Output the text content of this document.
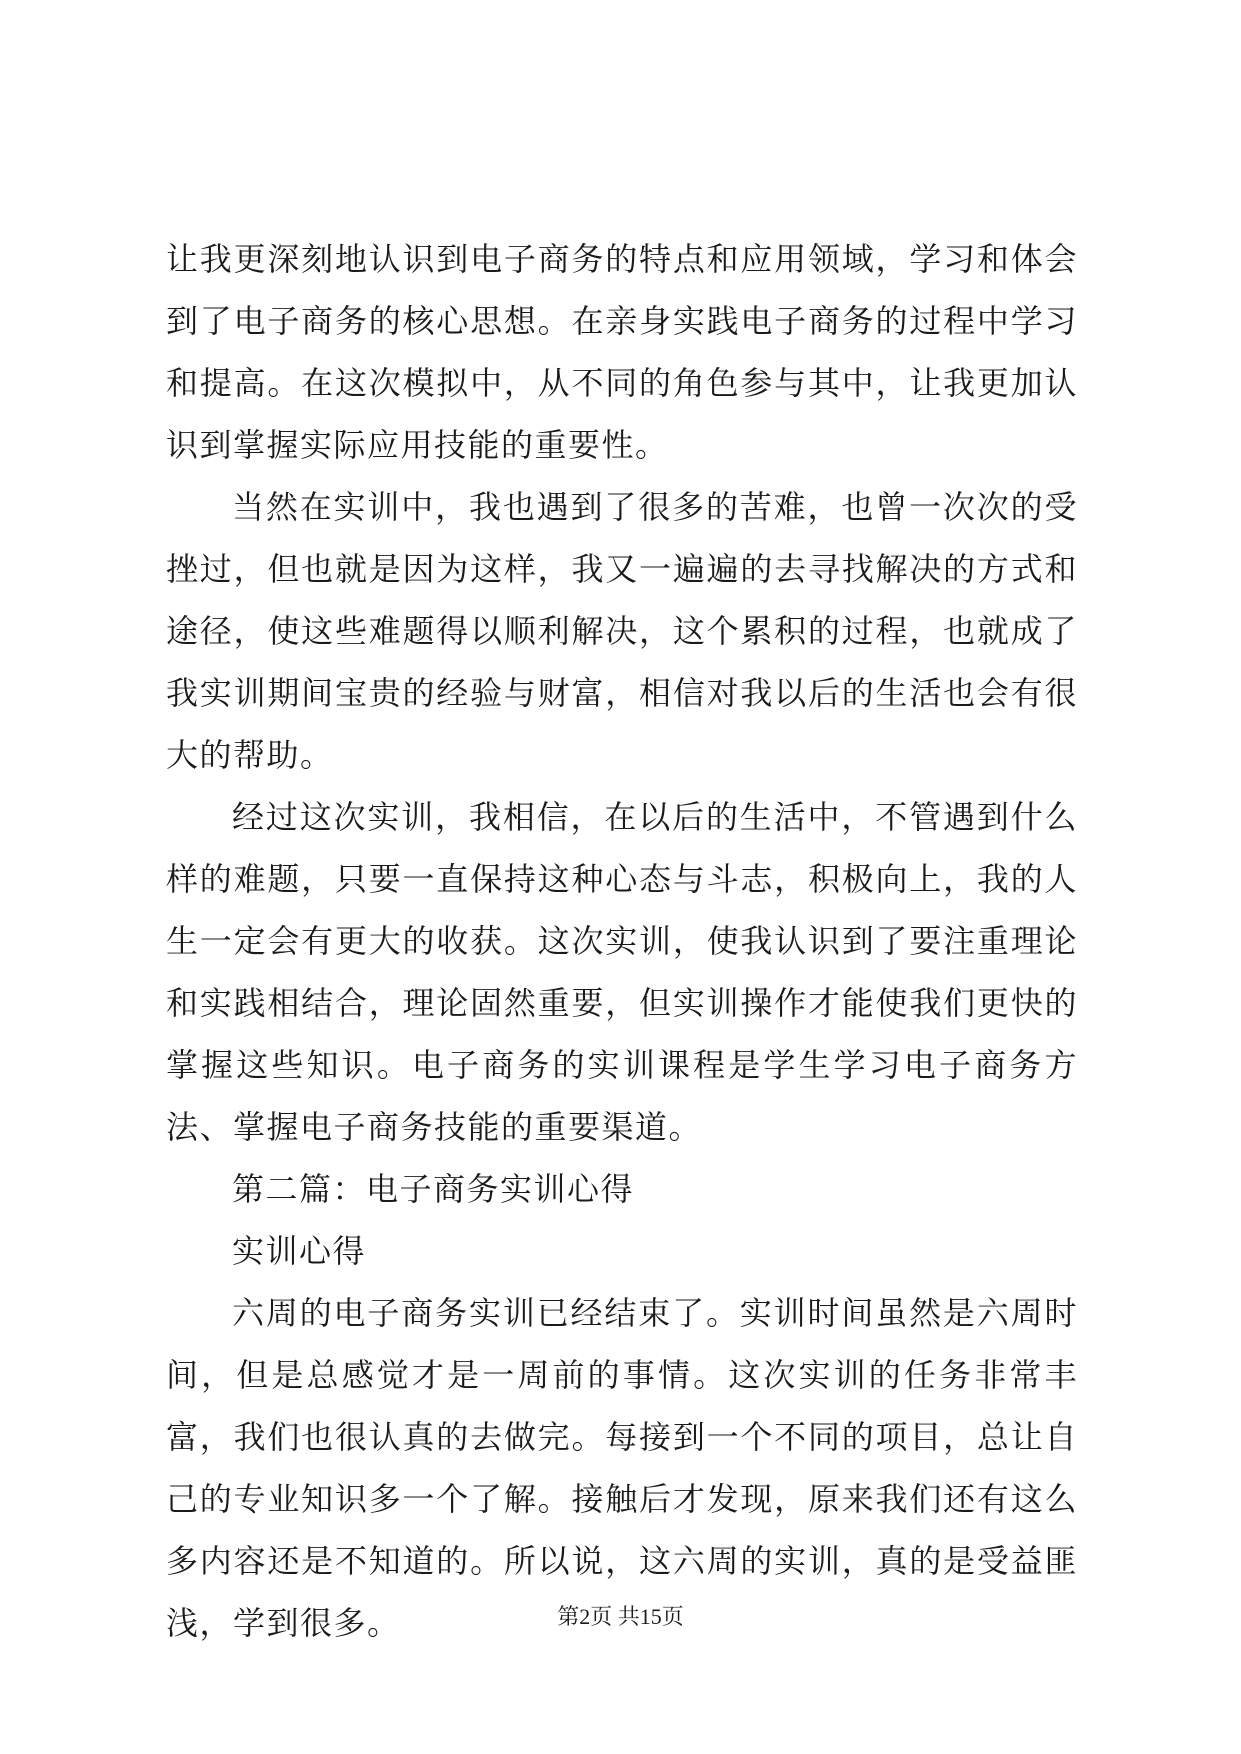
让我更深刻地认识到电子商务的特点和应用领域，学习和体会到了电子商务的核心思想。在亲身实践电子商务的过程中学习和提高。在这次模拟中，从不同的角色参与其中，让我更加认识到掌握实际应用技能的重要性。

当然在实训中，我也遇到了很多的苦难，也曾一次次的受挫过，但也就是因为这样，我又一遍遍的去寻找解决的方式和途径，使这些难题得以顺利解决，这个累积的过程，也就成了我实训期间宝贵的经验与财富，相信对我以后的生活也会有很大的帮助。

经过这次实训，我相信，在以后的生活中，不管遇到什么样的难题，只要一直保持这种心态与斗志，积极向上，我的人生一定会有更大的收获。这次实训，使我认识到了要注重理论和实践相结合，理论固然重要，但实训操作才能使我们更快的掌握这些知识。电子商务的实训课程是学生学习电子商务方法、掌握电子商务技能的重要渠道。

第二篇：电子商务实训心得

实训心得

六周的电子商务实训已经结束了。实训时间虽然是六周时间，但是总感觉才是一周前的事情。这次实训的任务非常丰富，我们也很认真的去做完。每接到一个不同的项目，总让自己的专业知识多一个了解。接触后才发现，原来我们还有这么多内容还是不知道的。所以说，这六周的实训，真的是受益匪浅，学到很多。	第2页 共15页
